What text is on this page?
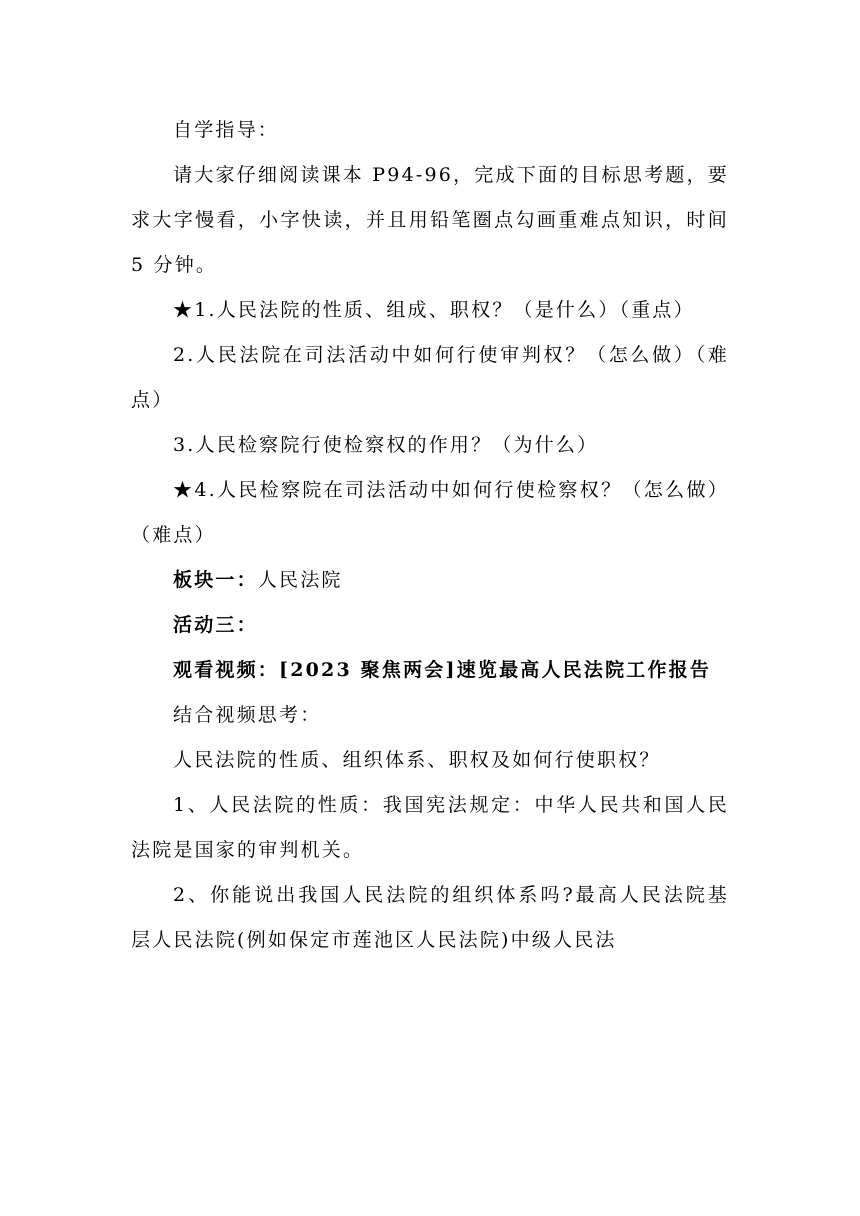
自学指导：

请大家仔细阅读课本 P94-96，完成下面的目标思考题，要求大字慢看，小字快读，并且用铅笔圈点勾画重难点知识，时间 5 分钟。

★1.人民法院的性质、组成、职权？（是什么）（重点）

2.人民法院在司法活动中如何行使审判权？（怎么做）（难点）

3.人民检察院行使检察权的作用？（为什么）

★4.人民检察院在司法活动中如何行使检察权？（怎么做）（难点）

板块一：人民法院

活动三：

观看视频：[2023 聚焦两会]速览最高人民法院工作报告

结合视频思考：

人民法院的性质、组织体系、职权及如何行使职权？

1、人民法院的性质：我国宪法规定：中华人民共和国人民法院是国家的审判机关。

2、你能说出我国人民法院的组织体系吗?最高人民法院基层人民法院(例如保定市莲池区人民法院)中级人民法
